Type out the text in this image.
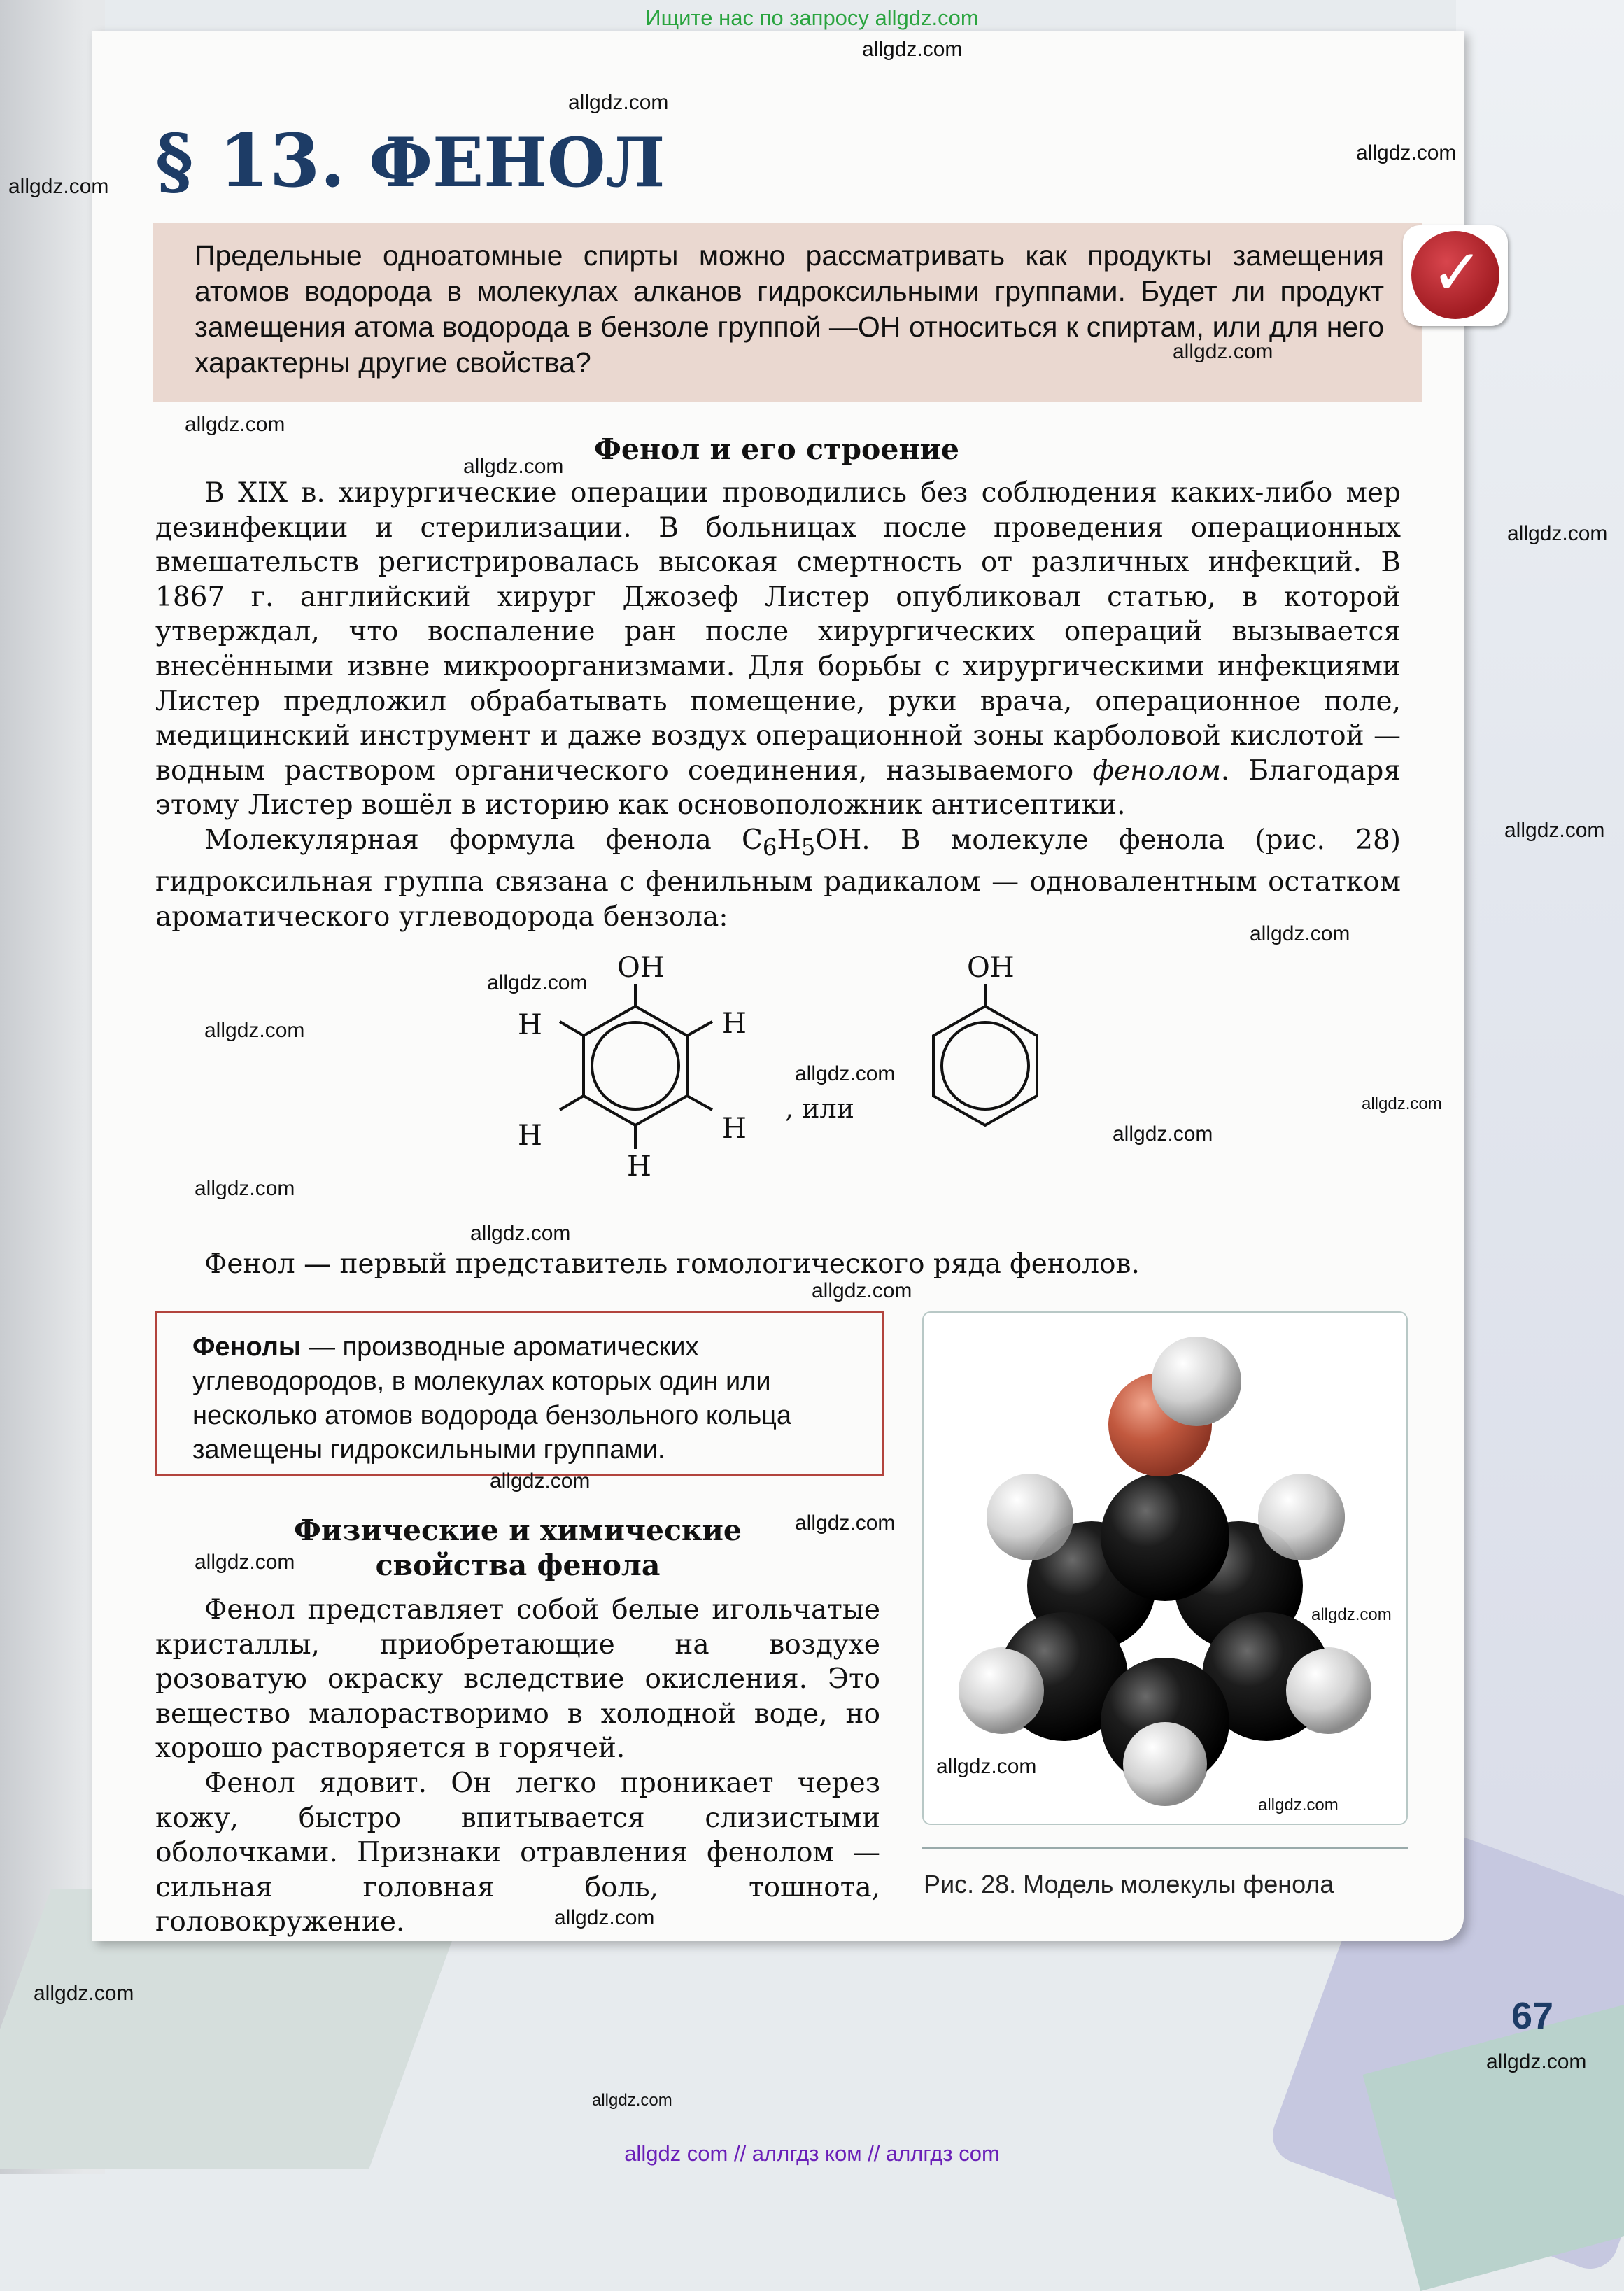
Ищите нас по запросу allgdz.com
§ 13. ФЕНОЛ
Предельные одноатомные спирты можно рассматривать как продукты замещения атомов водорода в молекулах алканов гидроксильными группами. Будет ли продукт замещения атома водорода в бензоле группой —OH относиться к спиртам, или для него характерны другие свойства?
✓
Фенол и его строение

В XIX в. хирургические операции проводились без соблюдения каких-либо мер дезинфекции и стерилизации. В больницах после проведения операционных вмешательств регистрировалась высокая смертность от различных инфекций. В 1867 г. английский хирург Джозеф Листер опубликовал статью, в которой утверждал, что воспаление ран после хирургических операций вызывается внесёнными извне микроорганизмами. Для борьбы с хирургическими инфекциями Листер предложил обрабатывать помещение, руки врача, операционное поле, медицинский инструмент и даже воздух операционной зоны карболовой кислотой — водным раствором органического соединения, называемого фенолом. Благодаря этому Листер вошёл в историю как основоположник антисептики.

Молекулярная формула фенола $C_6H_5OH$. В молекуле фенола (рис. 28) гидроксильная группа связана с фенильным радикалом — одновалентным остатком ароматического углеводорода бензола:

OH
H
H
H
H
H
, или
OH

Фенол — первый представитель гомологического ряда фенолов.

Фенолы — производные ароматических углеводородов, в молекулах которых один или несколько атомов водорода бензольного кольца замещены гидроксильными группами.
Физические и химические
свойства фенола

Фенол представляет собой белые игольчатые кристаллы, приобретающие на воздухе розоватую окраску вследствие окисления. Это вещество малорастворимо в холодной воде, но хорошо растворяется в горячей.

Фенол ядовит. Он легко проникает через кожу, быстро впитывается слизистыми оболочками. Признаки отравления фенолом — сильная головная боль, тошнота, головокружение.

Рис. 28. Модель молекулы фенола
67
allgdz.com
allgdz.com
allgdz.com
allgdz.com
allgdz.com
allgdz.com
allgdz.com
allgdz.com
allgdz.com
allgdz.com
allgdz.com
allgdz.com
allgdz.com
allgdz.com
allgdz.com
allgdz.com
allgdz.com
allgdz.com
allgdz.com
allgdz.com
allgdz.com
allgdz.com
allgdz.com
allgdz.com
allgdz.com
allgdz.com
allgdz.com
allgdz.com
allgdz com // аллгдз ком // аллгдз com
